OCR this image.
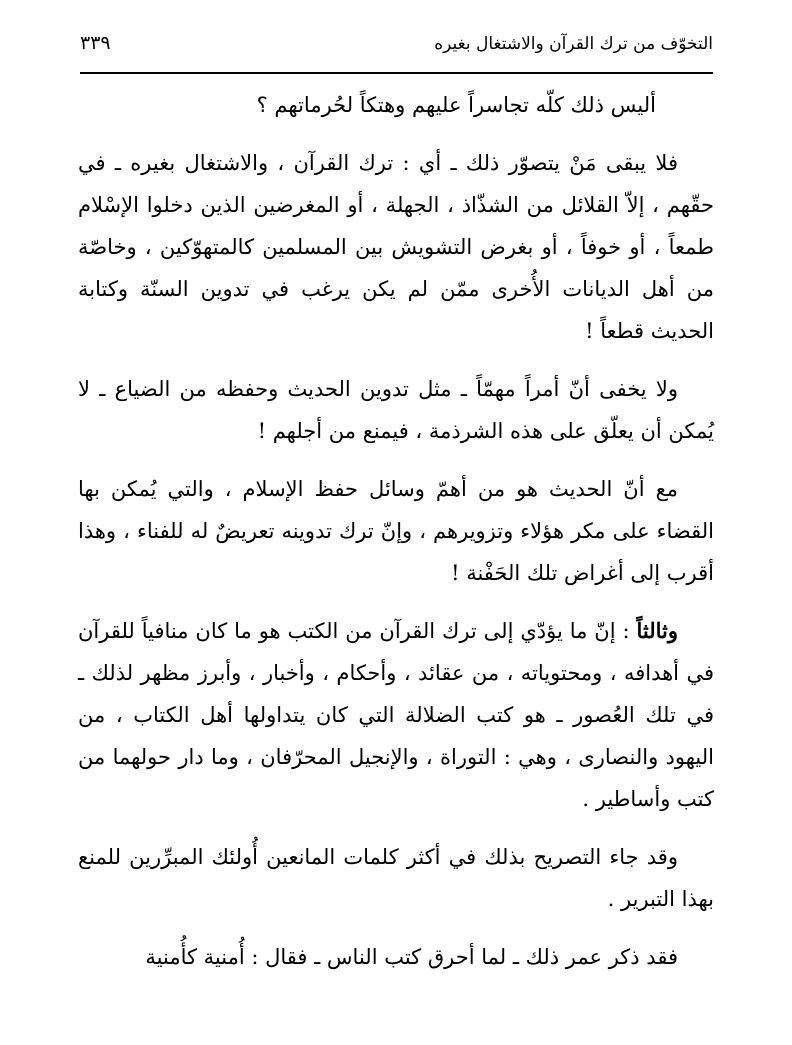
التخوّف من ترك القرآن والاشتغال بغيره
٣٣٩

أليس ذلك كلّه تجاسراً عليهم وهتكاً لحُرماتهم ؟

فلا يبقى مَنْ يتصوّر ذلك ـ أي : ترك القرآن ، والاشتغال بغيره ـ في حقّهم ، إلاّ القلائل من الشذّاذ ، الجهلة ، أو المغرضين الذين دخلوا الإسْلام طمعاً ، أو خوفاً ، أو بغرض التشويش بين المسلمين كالمتهوّكين ، وخاصّة من أهل الديانات الأُخرى ممّن لم يكن يرغب في تدوين السنّة وكتابة الحديث قطعاً !

ولا يخفى أنّ أمراً مهمّاً ـ مثل تدوين الحديث وحفظه من الضياع ـ لا يُمكن أن يعلّق على هذه الشرذمة ، فيمنع من أجلهم !

مع أنّ الحديث هو من أهمّ وسائل حفظ الإسلام ، والتي يُمكن بها القضاء على مكر هؤلاء وتزويرهم ، وإنّ ترك تدوينه تعريضٌ له للفناء ، وهذا أقرب إلى أغراض تلك الحَفْنة !

وثالثاً : إنّ ما يؤدّي إلى ترك القرآن من الكتب هو ما كان منافياً للقرآن في أهدافه ، ومحتوياته ، من عقائد ، وأحكام ، وأخبار ، وأبرز مظهر لذلك ـ في تلك العُصور ـ هو كتب الضلالة التي كان يتداولها أهل الكتاب ، من اليهود والنصارى ، وهي : التوراة ، والإنجيل المحرّفان ، وما دار حولهما من كتب وأساطير .

وقد جاء التصريح بذلك في أكثر كلمات المانعين أُولئك المبرِّرين للمنع بهذا التبرير .

فقد ذكر عمر ذلك ـ لما أحرق كتب الناس ـ فقال : أُمنية كأُمنية
